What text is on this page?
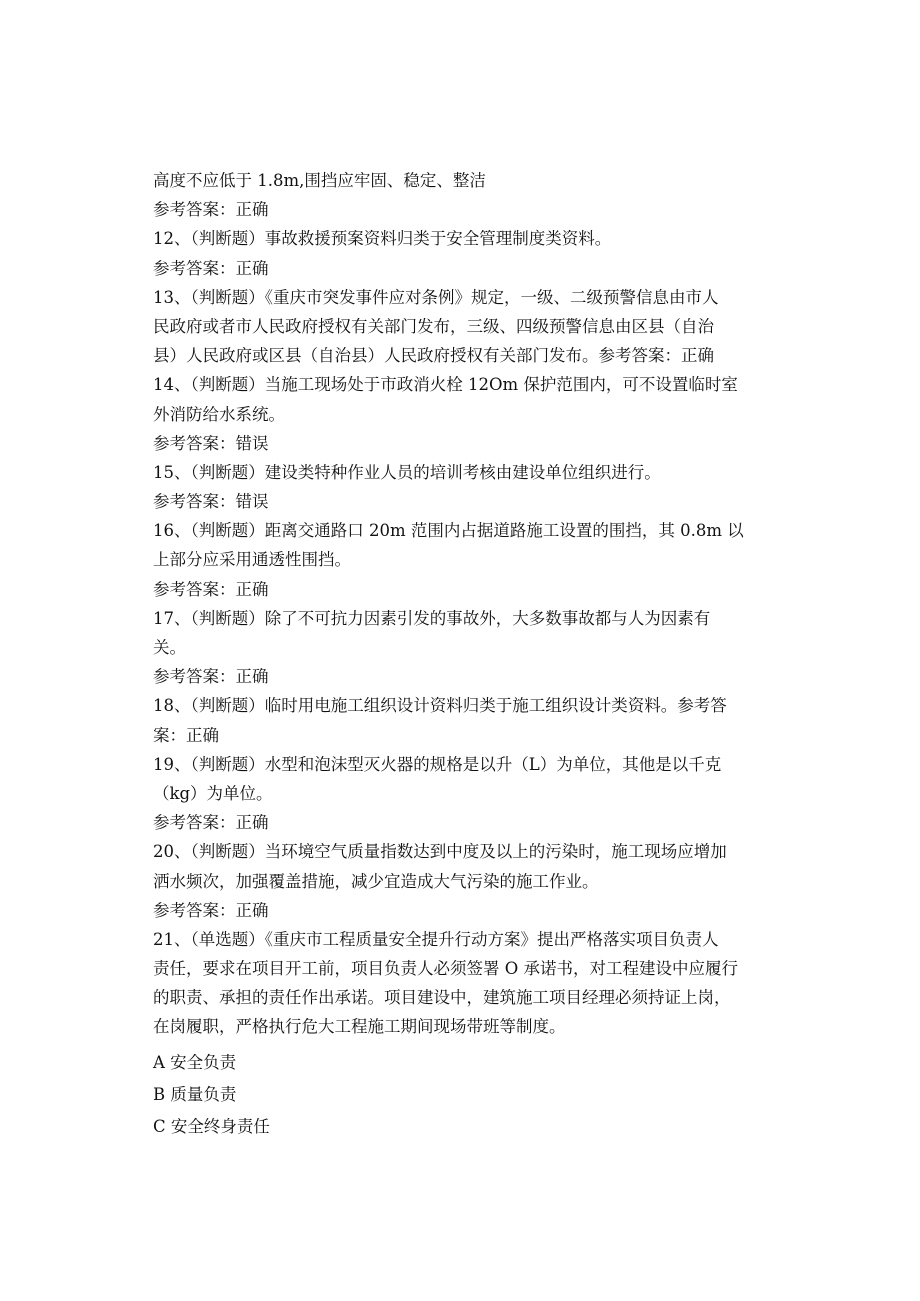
高度不应低于 1.8m,围挡应牢固、稳定、整洁
参考答案：正确
12、（判断题）事故救援预案资料归类于安全管理制度类资料。
参考答案：正确
13、（判断题）《重庆市突发事件应对条例》规定，一级、二级预警信息由市人
民政府或者市人民政府授权有关部门发布，三级、四级预警信息由区县（自治
县）人民政府或区县（自治县）人民政府授权有关部门发布。参考答案：正确
14、（判断题）当施工现场处于市政消火栓 12Om 保护范围内，可不设置临时室
外消防给水系统。
参考答案：错误
15、（判断题）建设类特种作业人员的培训考核由建设单位组织进行。
参考答案：错误
16、（判断题）距离交通路口 20m 范围内占据道路施工设置的围挡，其 0.8m 以
上部分应采用通透性围挡。
参考答案：正确
17、（判断题）除了不可抗力因素引发的事故外，大多数事故都与人为因素有
关。
参考答案：正确
18、（判断题）临时用电施工组织设计资料归类于施工组织设计类资料。参考答
案：正确
19、（判断题）水型和泡沫型灭火器的规格是以升（L）为单位，其他是以千克
（kg）为单位。
参考答案：正确
20、（判断题）当环境空气质量指数达到中度及以上的污染时，施工现场应增加
洒水频次，加强覆盖措施，减少宜造成大气污染的施工作业。
参考答案：正确
21、（单选题）《重庆市工程质量安全提升行动方案》提出严格落实项目负责人
责任，要求在项目开工前，项目负责人必须签署 O 承诺书，对工程建设中应履行
的职责、承担的责任作出承诺。项目建设中，建筑施工项目经理必须持证上岗，
在岗履职，严格执行危大工程施工期间现场带班等制度。
A 安全负责
B 质量负责
C 安全终身责任
